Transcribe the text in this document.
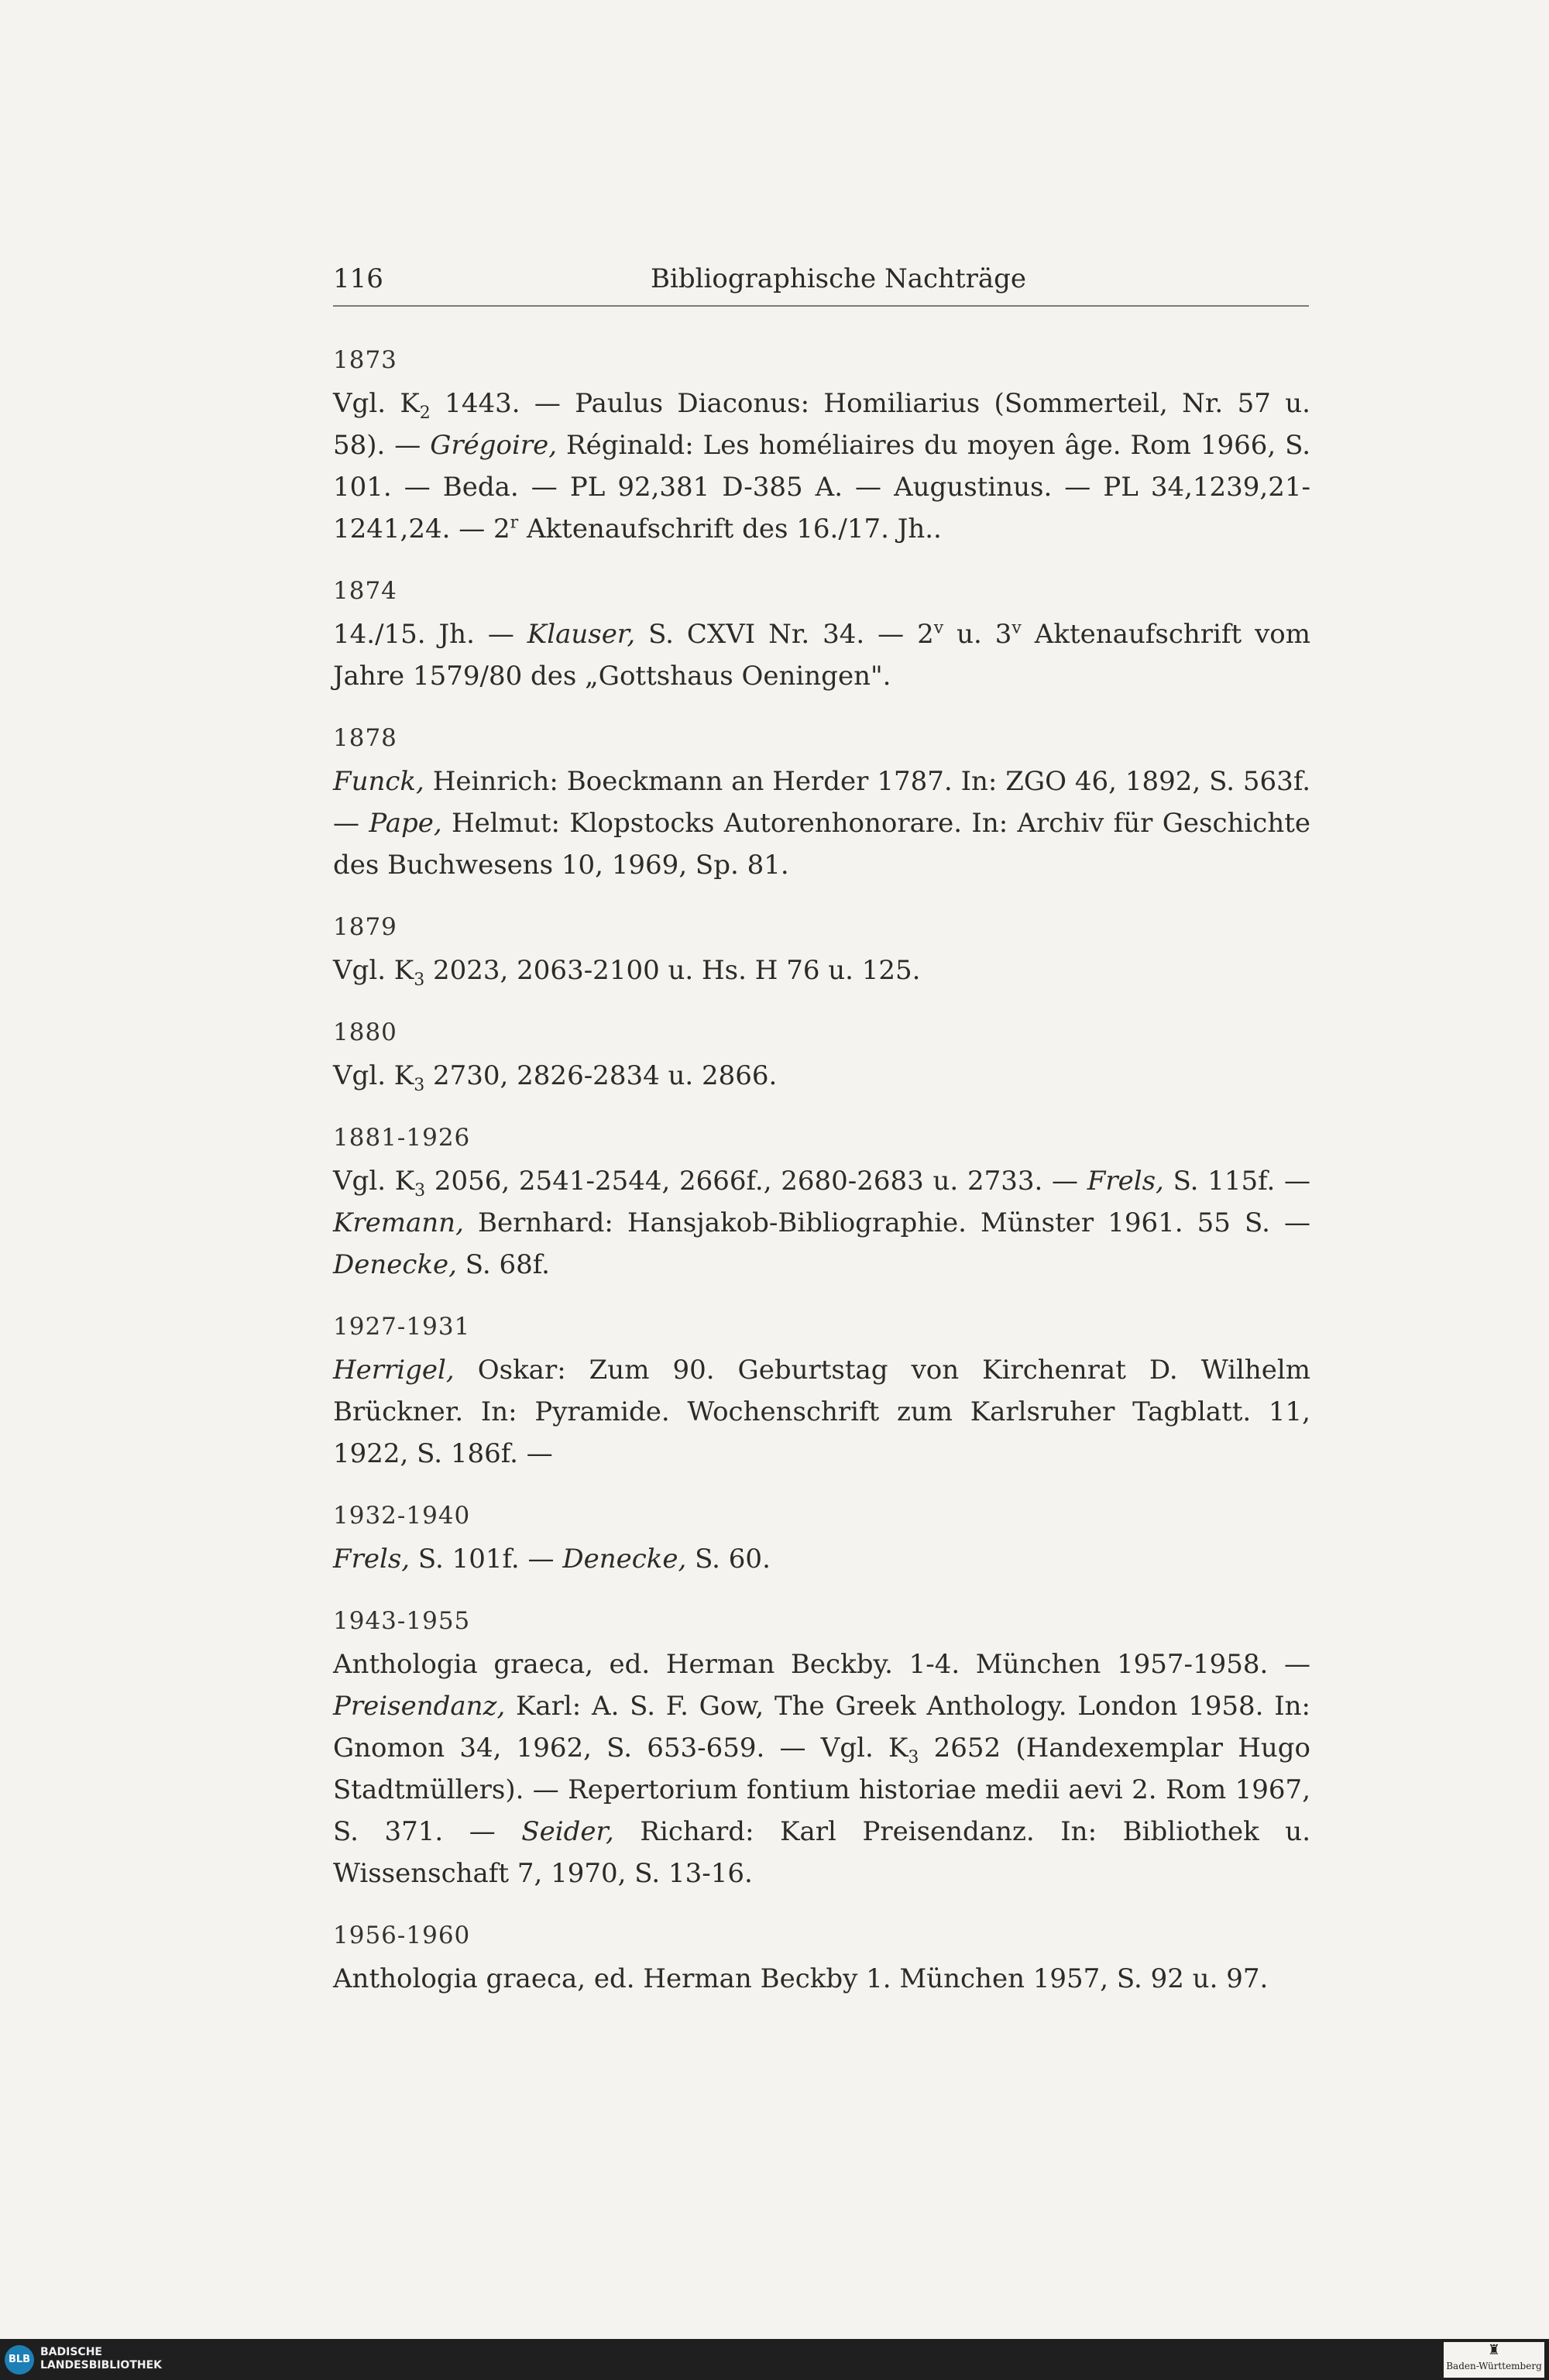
116	Bibliographische Nachträge
1873
Vgl. $K_2$ 1443. — Paulus Diaconus: Homiliarius (Sommerteil, Nr. 57 u. 58). — Grégoire, Réginald: Les homéliaires du moyen âge. Rom 1966, S. 101. — Beda. — PL 92,381 D-385 A. — Augustinus. — PL 34,1239,21-1241,24. — 2$^r$ Aktenaufschrift des 16./17. Jh..
1874
14./15. Jh. — Klauser, S. CXVI Nr. 34. — 2$^v$ u. 3$^v$ Aktenaufschrift vom Jahre 1579/80 des „Gottshaus Oeningen".
1878
Funck, Heinrich: Boeckmann an Herder 1787. In: ZGO 46, 1892, S. 563f. — Pape, Helmut: Klopstocks Autorenhonorare. In: Archiv für Geschichte des Buchwesens 10, 1969, Sp. 81.
1879
Vgl. $K_3$ 2023, 2063-2100 u. Hs. H 76 u. 125.
1880
Vgl. $K_3$ 2730, 2826-2834 u. 2866.
1881-1926
Vgl. $K_3$ 2056, 2541-2544, 2666f., 2680-2683 u. 2733. — Frels, S. 115f. — Kremann, Bernhard: Hansjakob-Bibliographie. Münster 1961. 55 S. — Denecke, S. 68f.
1927-1931
Herrigel, Oskar: Zum 90. Geburtstag von Kirchenrat D. Wilhelm Brückner. In: Pyramide. Wochenschrift zum Karlsruher Tagblatt. 11, 1922, S. 186f. —
1932-1940
Frels, S. 101f. — Denecke, S. 60.
1943-1955
Anthologia graeca, ed. Herman Beckby. 1-4. München 1957-1958. — Preisendanz, Karl: A. S. F. Gow, The Greek Anthology. London 1958. In: Gnomon 34, 1962, S. 653-659. — Vgl. $K_3$ 2652 (Handexemplar Hugo Stadtmüllers). — Repertorium fontium historiae medii aevi 2. Rom 1967, S. 371. — Seider, Richard: Karl Preisendanz. In: Bibliothek u. Wissenschaft 7, 1970, S. 13-16.
1956-1960
Anthologia graeca, ed. Herman Beckby 1. München 1957, S. 92 u. 97.
BLB
BADISCHE
LANDESBIBLIOTHEK
♜
Baden-Württemberg
